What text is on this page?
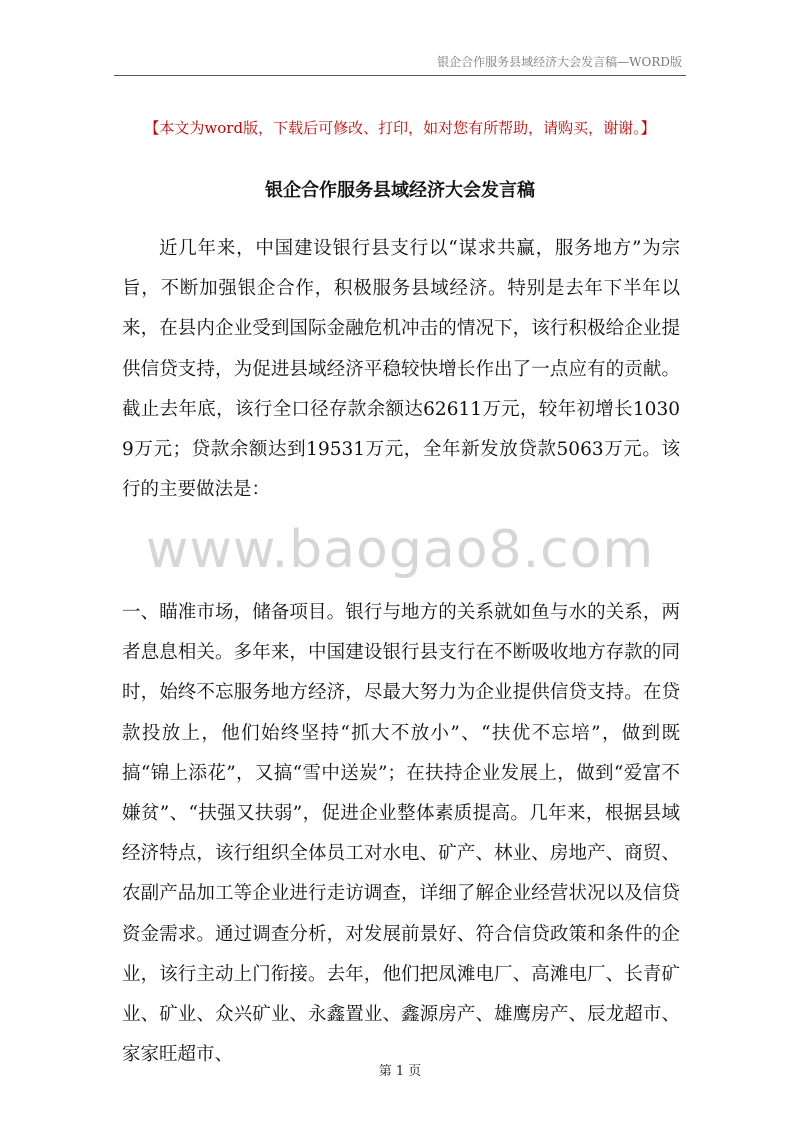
银企合作服务县域经济大会发言稿—WORD版
【本文为word版，下载后可修改、打印，如对您有所帮助，请购买，谢谢。】
银企合作服务县域经济大会发言稿
近几年来，中国建设银行县支行以“谋求共赢，服务地方”为宗旨，不断加强银企合作，积极服务县域经济。特别是去年下半年以来，在县内企业受到国际金融危机冲击的情况下，该行积极给企业提供信贷支持，为促进县域经济平稳较快增长作出了一点应有的贡献。截止去年底，该行全口径存款余额达62611万元，较年初增长10309万元；贷款余额达到19531万元，全年新发放贷款5063万元。该行的主要做法是：
www.baogao8.com
一、瞄准市场，储备项目。银行与地方的关系就如鱼与水的关系，两者息息相关。多年来，中国建设银行县支行在不断吸收地方存款的同时，始终不忘服务地方经济，尽最大努力为企业提供信贷支持。在贷款投放上，他们始终坚持“抓大不放小”、“扶优不忘培”，做到既搞“锦上添花”，又搞“雪中送炭”；在扶持企业发展上，做到“爱富不嫌贫”、“扶强又扶弱”，促进企业整体素质提高。几年来，根据县域经济特点，该行组织全体员工对水电、矿产、林业、房地产、商贸、农副产品加工等企业进行走访调查，详细了解企业经营状况以及信贷资金需求。通过调查分析，对发展前景好、符合信贷政策和条件的企业，该行主动上门衔接。去年，他们把凤滩电厂、高滩电厂、长青矿业、矿业、众兴矿业、永鑫置业、鑫源房产、雄鹰房产、辰龙超市、家家旺超市、
第 1 页
